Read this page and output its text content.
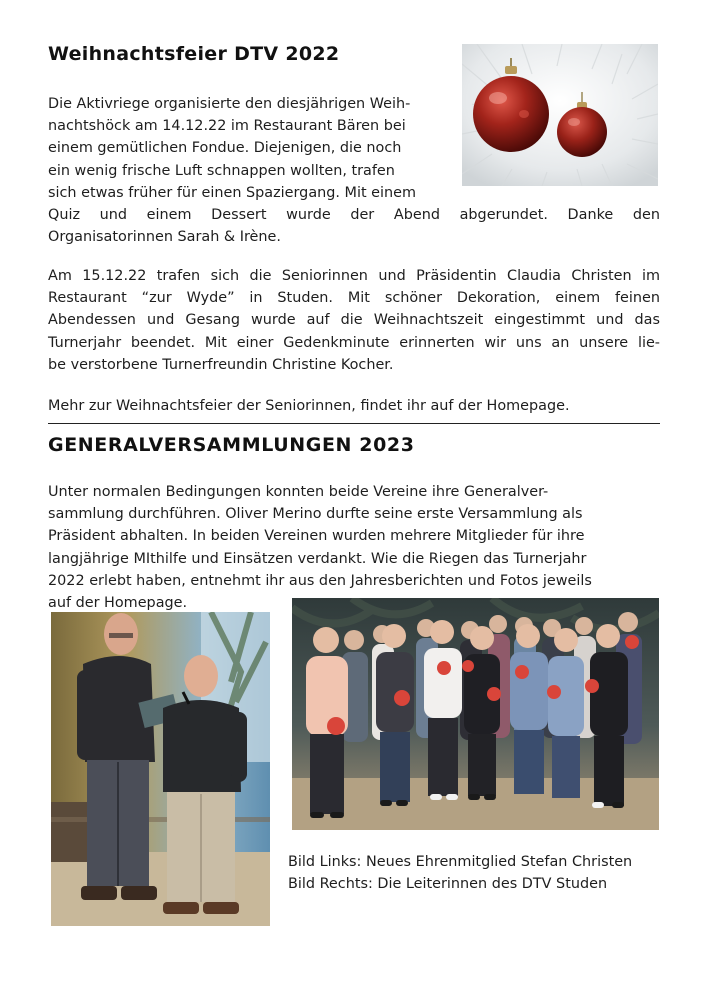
Weihnachtsfeier DTV 2022
Die Aktivriege organisierte den diesjährigen Weih-
nachtshöck am 14.12.22 im Restaurant Bären bei
einem gemütlichen Fondue. Diejenigen, die noch
ein wenig frische Luft schnappen wollten, trafen
sich etwas früher für einen Spaziergang. Mit einem
Quiz und einem Dessert wurde der Abend abgerundet. Danke den
Organisatorinnen Sarah & Irène.
Am 15.12.22 trafen sich die Seniorinnen und Präsidentin Claudia Christen im
Restaurant “zur Wyde” in Studen. Mit schöner Dekoration, einem feinen
Abendessen und Gesang wurde auf die Weihnachtszeit eingestimmt und das
Turnerjahr beendet. Mit einer Gedenkminute erinnerten wir uns an unsere lie-
be verstorbene Turnerfreundin Christine Kocher.
Mehr zur Weihnachtsfeier der Seniorinnen, findet ihr auf der Homepage.
GENERALVERSAMMLUNGEN 2023
Unter normalen Bedingungen konnten beide Vereine ihre Generalver-
sammlung durchführen. Oliver Merino durfte seine erste Versammlung als
Präsident abhalten. In beiden Vereinen wurden mehrere Mitglieder für ihre
langjährige MIthilfe und Einsätzen verdankt. Wie die Riegen das Turnerjahr
2022 erlebt haben, entnehmt ihr aus den Jahresberichten und Fotos jeweils
auf der Homepage.
Bild Links: Neues Ehrenmitglied Stefan Christen
Bild Rechts: Die Leiterinnen des DTV Studen
